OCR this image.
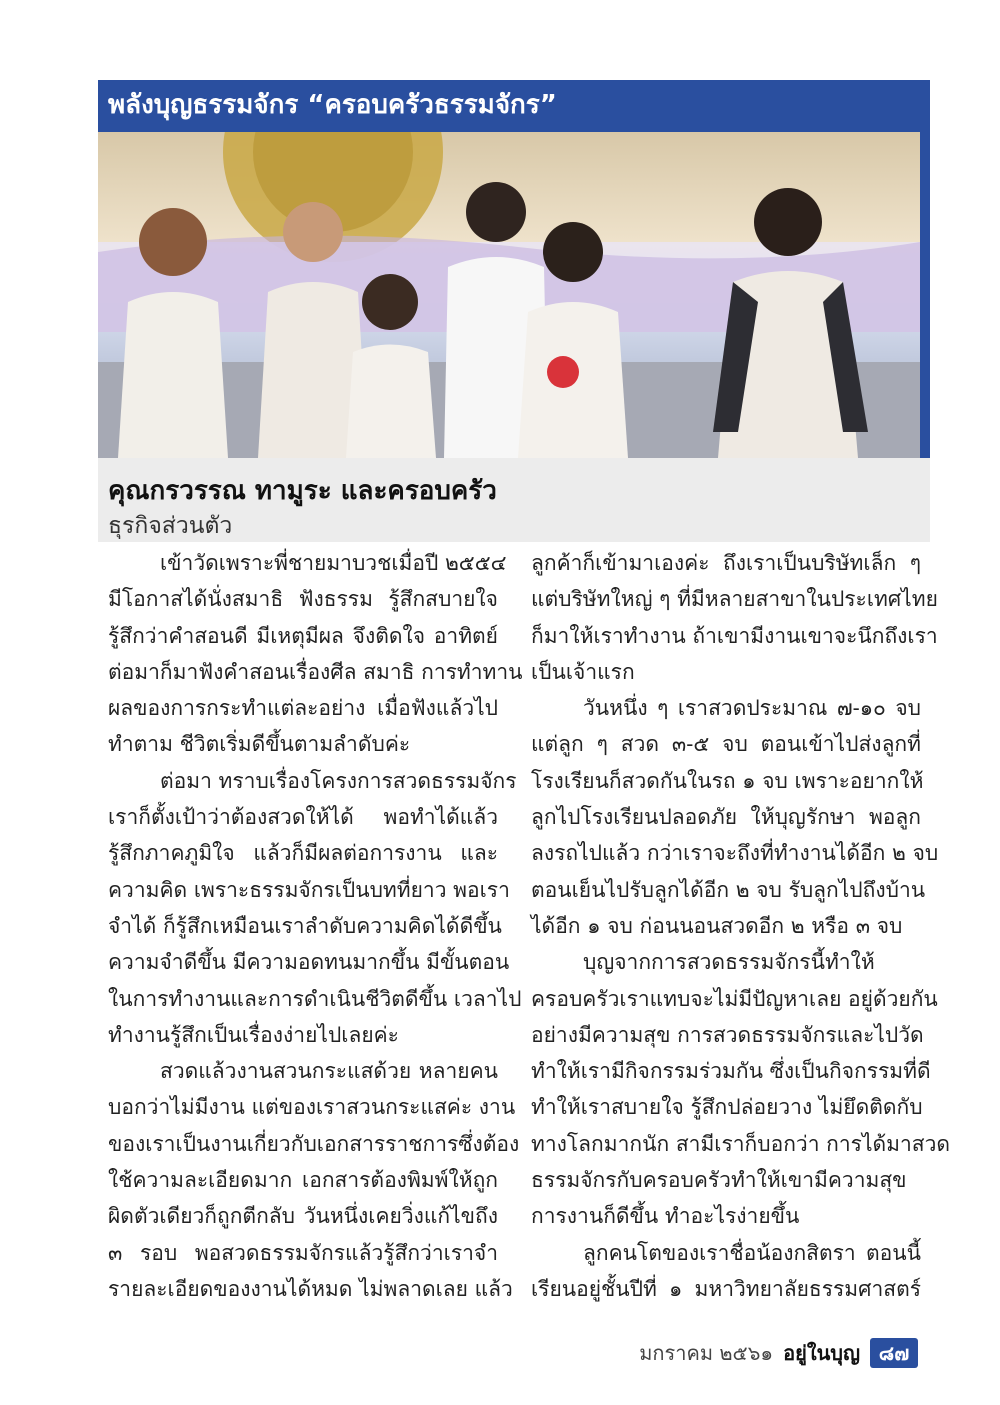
พลังบุญธรรมจักร “ครอบครัวธรรมจักร”
คุณกรวรรณ ทามูระ และครอบครัว
ธุรกิจส่วนตัว
เข้าวัดเพราะพี่ชายมาบวชเมื่อปี ๒๕๕๔
มีโอกาสได้นั่งสมาธิ ฟังธรรม รู้สึกสบายใจ
รู้สึกว่าคำสอนดี มีเหตุมีผล จึงติดใจ อาทิตย์
ต่อมาก็มาฟังคำสอนเรื่องศีล สมาธิ การทำทาน
ผลของการกระทำแต่ละอย่าง เมื่อฟังแล้วไป
ทำตาม ชีวิตเริ่มดีขึ้นตามลำดับค่ะ
ต่อมา ทราบเรื่องโครงการสวดธรรมจักร
เราก็ตั้งเป้าว่าต้องสวดให้ได้ พอทำได้แล้ว
รู้สึกภาคภูมิใจ แล้วก็มีผลต่อการงาน และ
ความคิด เพราะธรรมจักรเป็นบทที่ยาว พอเรา
จำได้ ก็รู้สึกเหมือนเราลำดับความคิดได้ดีขึ้น
ความจำดีขึ้น มีความอดทนมากขึ้น มีขั้นตอน
ในการทำงานและการดำเนินชีวิตดีขึ้น เวลาไป
ทำงานรู้สึกเป็นเรื่องง่ายไปเลยค่ะ
สวดแล้วงานสวนกระแสด้วย หลายคน
บอกว่าไม่มีงาน แต่ของเราสวนกระแสค่ะ งาน
ของเราเป็นงานเกี่ยวกับเอกสารราชการซึ่งต้อง
ใช้ความละเอียดมาก เอกสารต้องพิมพ์ให้ถูก
ผิดตัวเดียวก็ถูกตีกลับ วันหนึ่งเคยวิ่งแก้ไขถึง
๓ รอบ พอสวดธรรมจักรแล้วรู้สึกว่าเราจำ
รายละเอียดของงานได้หมด ไม่พลาดเลย แล้ว
ลูกค้าก็เข้ามาเองค่ะ ถึงเราเป็นบริษัทเล็ก ๆ
แต่บริษัทใหญ่ ๆ ที่มีหลายสาขาในประเทศไทย
ก็มาให้เราทำงาน ถ้าเขามีงานเขาจะนึกถึงเรา
เป็นเจ้าแรก
วันหนึ่ง ๆ เราสวดประมาณ ๗-๑๐ จบ
แต่ลูก ๆ สวด ๓-๕ จบ ตอนเข้าไปส่งลูกที่
โรงเรียนก็สวดกันในรถ ๑ จบ เพราะอยากให้
ลูกไปโรงเรียนปลอดภัย ให้บุญรักษา พอลูก
ลงรถไปแล้ว กว่าเราจะถึงที่ทำงานได้อีก ๒ จบ
ตอนเย็นไปรับลูกได้อีก ๒ จบ รับลูกไปถึงบ้าน
ได้อีก ๑ จบ ก่อนนอนสวดอีก ๒ หรือ ๓ จบ
บุญจากการสวดธรรมจักรนี้ทำให้
ครอบครัวเราแทบจะไม่มีปัญหาเลย อยู่ด้วยกัน
อย่างมีความสุข การสวดธรรมจักรและไปวัด
ทำให้เรามีกิจกรรมร่วมกัน ซึ่งเป็นกิจกรรมที่ดี
ทำให้เราสบายใจ รู้สึกปล่อยวาง ไม่ยึดติดกับ
ทางโลกมากนัก สามีเราก็บอกว่า การได้มาสวด
ธรรมจักรกับครอบครัวทำให้เขามีความสุข
การงานก็ดีขึ้น ทำอะไรง่ายขึ้น
ลูกคนโตของเราชื่อน้องกสิตรา ตอนนี้
เรียนอยู่ชั้นปีที่ ๑ มหาวิทยาลัยธรรมศาสตร์
มกราคม ๒๕๖๑ อยู่ในบุญ ๘๗
